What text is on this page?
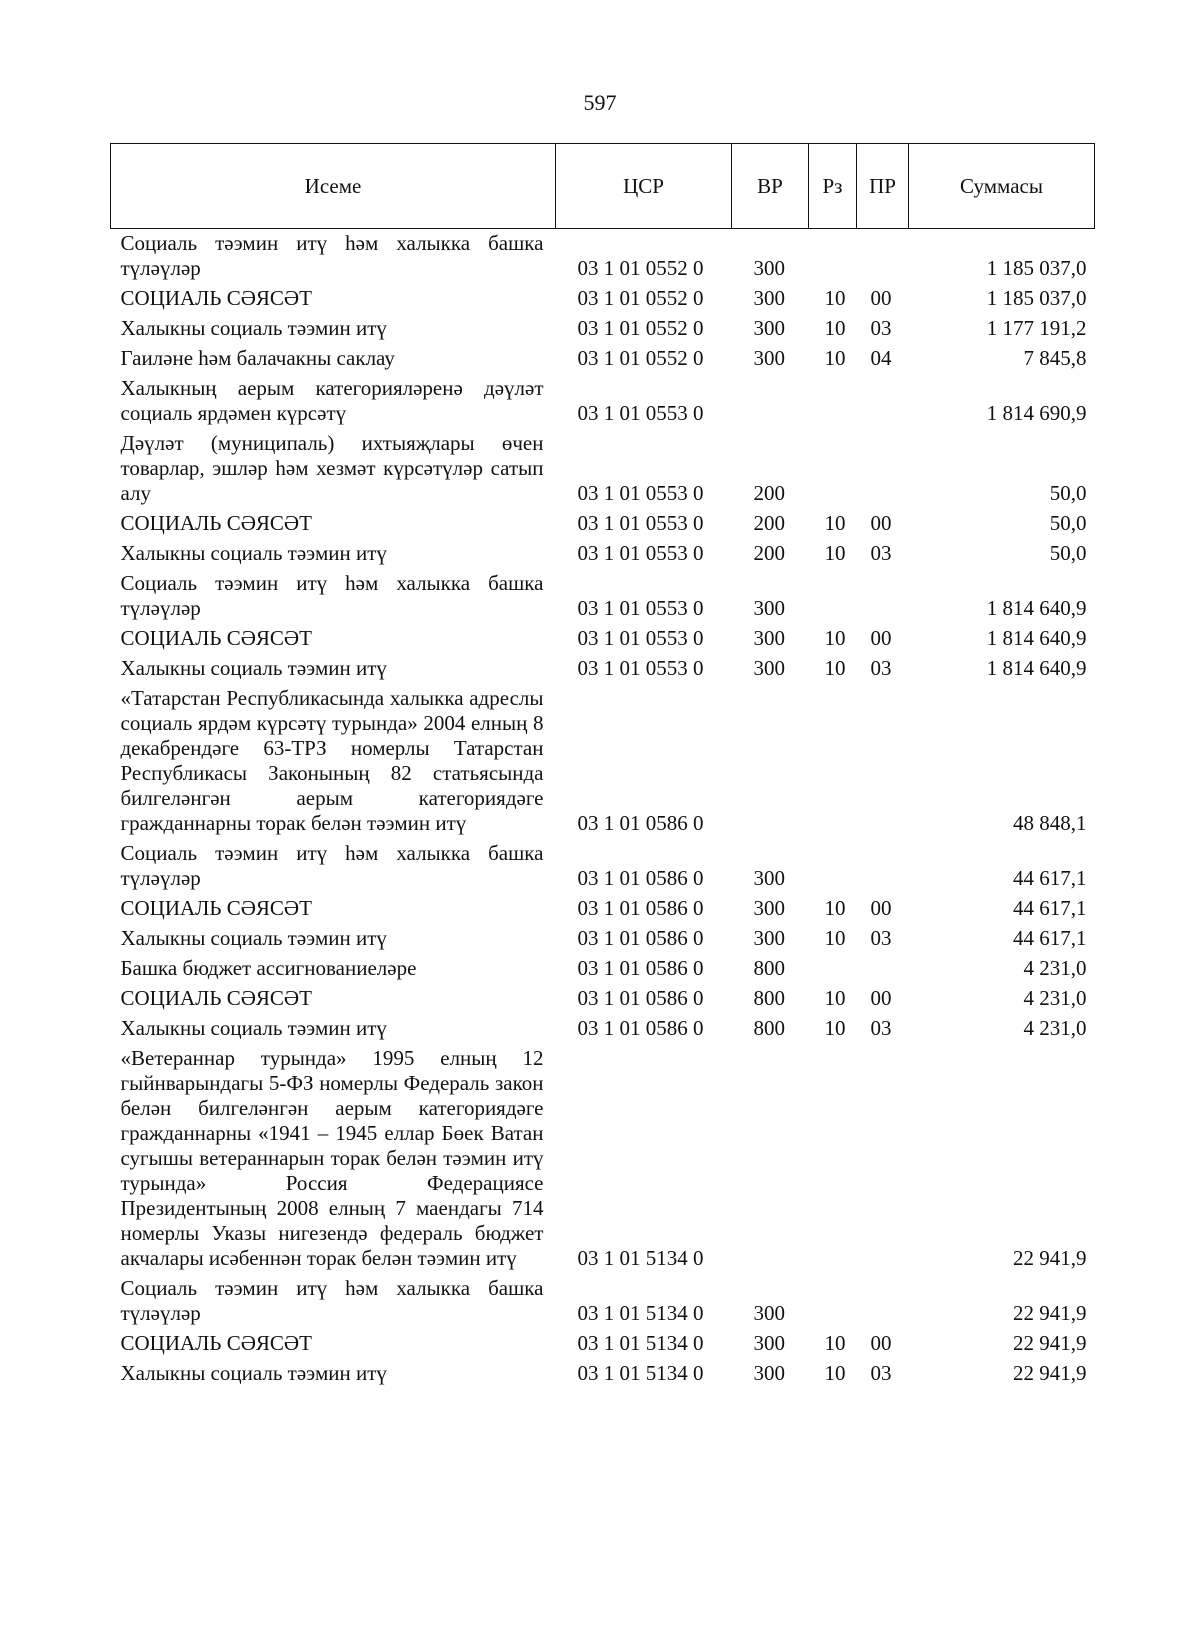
597
Исеме	ЦСР	ВР	Рз	ПР	Суммасы
Социаль тәэмин итү һәм халыкка башка түләүләр	03 1 01 0552 0	300			1 185 037,0
СОЦИАЛЬ СӘЯСӘТ	03 1 01 0552 0	300	10	00	1 185 037,0
Халыкны социаль тәэмин итү	03 1 01 0552 0	300	10	03	1 177 191,2
Гаиләне һәм балачакны саклау	03 1 01 0552 0	300	10	04	7 845,8
Халыкның аерым категорияләренә дәүләт социаль ярдәмен күрсәтү	03 1 01 0553 0				1 814 690,9
Дәүләт (муниципаль) ихтыяҗлары өчен товарлар, эшләр һәм хезмәт күрсәтүләр сатып алу	03 1 01 0553 0	200			50,0
СОЦИАЛЬ СӘЯСӘТ	03 1 01 0553 0	200	10	00	50,0
Халыкны социаль тәэмин итү	03 1 01 0553 0	200	10	03	50,0
Социаль тәэмин итү һәм халыкка башка түләүләр	03 1 01 0553 0	300			1 814 640,9
СОЦИАЛЬ СӘЯСӘТ	03 1 01 0553 0	300	10	00	1 814 640,9
Халыкны социаль тәэмин итү	03 1 01 0553 0	300	10	03	1 814 640,9
«Татарстан Республикасында халыкка адреслы социаль ярдәм күрсәтү турында» 2004 елның 8 декабрендәге 63-ТРЗ номерлы Татарстан Республикасы Законының 82 статьясында билгеләнгән аерым категориядәге гражданнарны торак белән тәэмин итү	03 1 01 0586 0				48 848,1
Социаль тәэмин итү һәм халыкка башка түләүләр	03 1 01 0586 0	300			44 617,1
СОЦИАЛЬ СӘЯСӘТ	03 1 01 0586 0	300	10	00	44 617,1
Халыкны социаль тәэмин итү	03 1 01 0586 0	300	10	03	44 617,1
Башка бюджет ассигнованиеләре	03 1 01 0586 0	800			4 231,0
СОЦИАЛЬ СӘЯСӘТ	03 1 01 0586 0	800	10	00	4 231,0
Халыкны социаль тәэмин итү	03 1 01 0586 0	800	10	03	4 231,0
«Ветераннар турында» 1995 елның 12 гыйнварындагы 5-ФЗ номерлы Федераль закон белән билгеләнгән аерым категориядәге гражданнарны «1941 – 1945 еллар Бөек Ватан сугышы ветераннарын торак белән тәэмин итү турында» Россия Федерациясе Президентының 2008 елның 7 маендагы 714 номерлы Указы нигезендә федераль бюджет акчалары исәбеннән торак белән тәэмин итү	03 1 01 5134 0				22 941,9
Социаль тәэмин итү һәм халыкка башка түләүләр	03 1 01 5134 0	300			22 941,9
СОЦИАЛЬ СӘЯСӘТ	03 1 01 5134 0	300	10	00	22 941,9
Халыкны социаль тәэмин итү	03 1 01 5134 0	300	10	03	22 941,9
